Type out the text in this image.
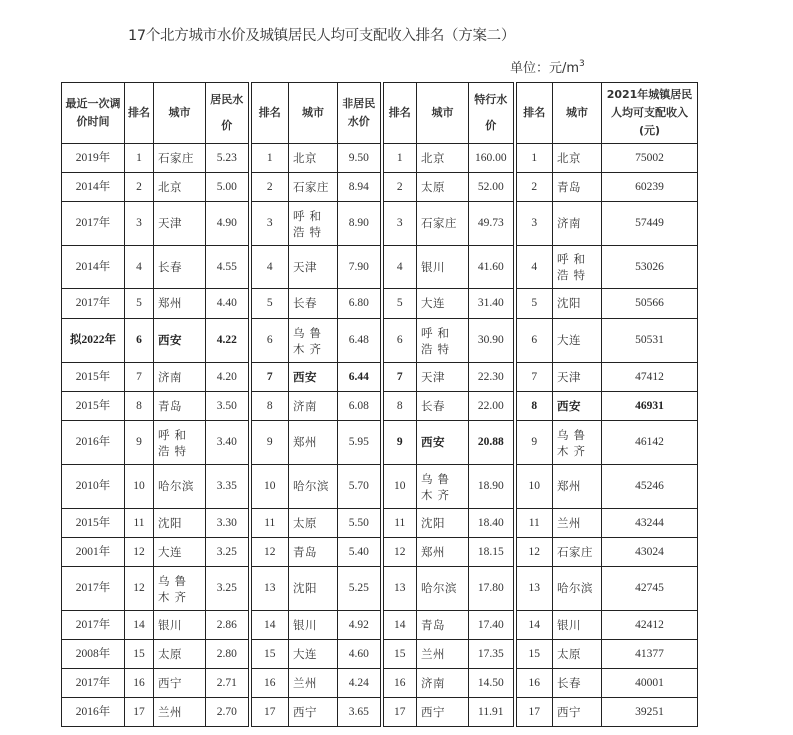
17个北方城市水价及城镇居民人均可支配收入排名（方案二）
单位：元$/m^3$
最近一次调价时间	排名	城市	居民水价	排名	城市	非居民水价	排名	城市	特行水价	排名	城市	2021年城镇居民人均可支配收入(元)
2019年	1	石家庄	5.23	1	北京	9.50	1	北京	160.00	1	北京	75002
2014年	2	北京	5.00	2	石家庄	8.94	2	太原	52.00	2	青岛	60239
2017年	3	天津	4.90	3	呼和浩特	8.90	3	石家庄	49.73	3	济南	57449
2014年	4	长春	4.55	4	天津	7.90	4	银川	41.60	4	呼和浩特	53026
2017年	5	郑州	4.40	5	长春	6.80	5	大连	31.40	5	沈阳	50566
拟2022年	6	西安	4.22	6	乌鲁木齐	6.48	6	呼和浩特	30.90	6	大连	50531
2015年	7	济南	4.20	7	西安	6.44	7	天津	22.30	7	天津	47412
2015年	8	青岛	3.50	8	济南	6.08	8	长春	22.00	8	西安	46931
2016年	9	呼和浩特	3.40	9	郑州	5.95	9	西安	20.88	9	乌鲁木齐	46142
2010年	10	哈尔滨	3.35	10	哈尔滨	5.70	10	乌鲁木齐	18.90	10	郑州	45246
2015年	11	沈阳	3.30	11	太原	5.50	11	沈阳	18.40	11	兰州	43244
2001年	12	大连	3.25	12	青岛	5.40	12	郑州	18.15	12	石家庄	43024
2017年	12	乌鲁木齐	3.25	13	沈阳	5.25	13	哈尔滨	17.80	13	哈尔滨	42745
2017年	14	银川	2.86	14	银川	4.92	14	青岛	17.40	14	银川	42412
2008年	15	太原	2.80	15	大连	4.60	15	兰州	17.35	15	太原	41377
2017年	16	西宁	2.71	16	兰州	4.24	16	济南	14.50	16	长春	40001
2016年	17	兰州	2.70	17	西宁	3.65	17	西宁	11.91	17	西宁	39251
